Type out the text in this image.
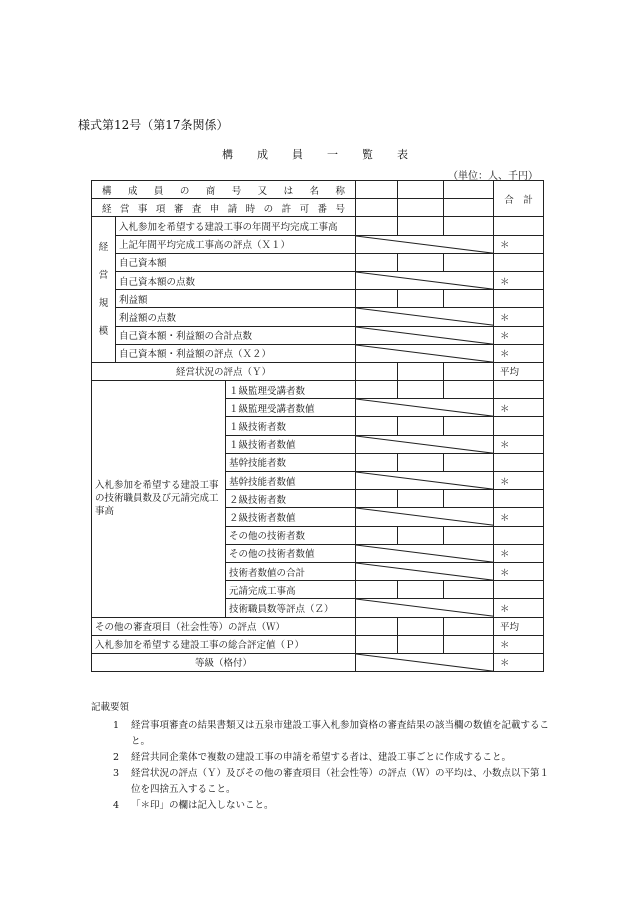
様式第12号（第17条関係）
構成員一覧表
（単位：人、千円）
構成員の商号又は名称						合　計
経営事項審査申請時の許可番号						

経
営
規
模	入札参加を希望する建設工事の年間平均完成工事高					
	上記年間平均完成工事高の評点（Ｘ１）					＊
	自己資本額					
	自己資本額の点数					＊
	利益額					
	利益額の点数					＊
	自己資本額・利益額の合計点数					＊
	自己資本額・利益額の評点（Ｘ２）					＊
経営状況の評点（Ｙ）						平均
入札参加を希望する建設工事の技術職員数及び元請完成工事高		１級監理受講者数				
		１級監理受講者数値				＊
		１級技術者数				
		１級技術者数値				＊
		基幹技能者数				
		基幹技能者数値				＊
		２級技術者数				
		２級技術者数値				＊
		その他の技術者数				
		その他の技術者数値				＊
		技術者数値の合計				＊
		元請完成工事高				
		技術職員数等評点（Ｚ）				＊
その他の審査項目（社会性等）の評点（Ｗ）						平均
入札参加を希望する建設工事の総合評定値（Ｐ）						＊
等級（格付）						＊
記載要領
1 経営事項審査の結果書類又は五泉市建設工事入札参加資格の審査結果の該当欄の数値を記載すること。
2 経営共同企業体で複数の建設工事の申請を希望する者は、建設工事ごとに作成すること。
3 経営状況の評点（Ｙ）及びその他の審査項目（社会性等）の評点（Ｗ）の平均は、小数点以下第１位を四捨五入すること。
4 「＊印」の欄は記入しないこと。
